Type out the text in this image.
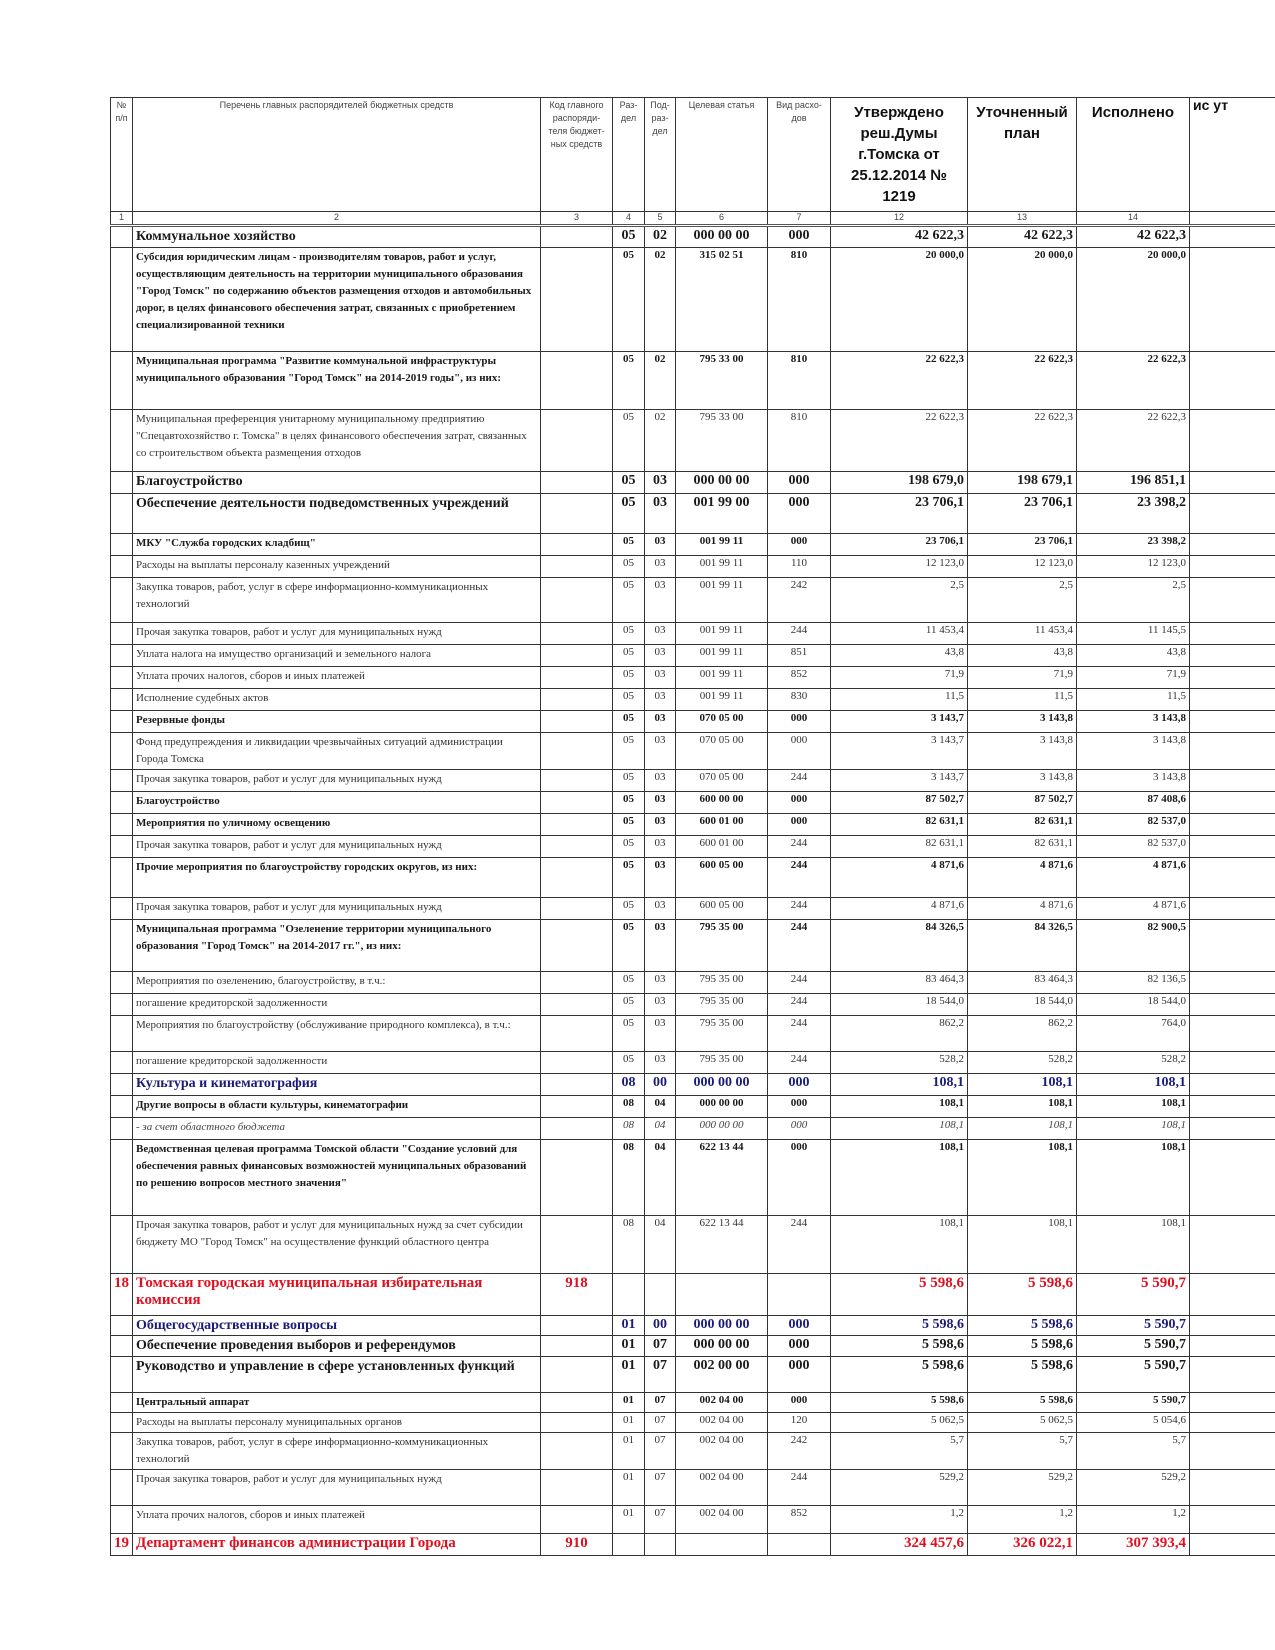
№ п/п	Перечень главных распорядителей бюджетных средств	Код главного распоряди-теля бюджет-ных средств	Раз-дел	Под-раз-дел	Целевая статья	Вид расхо-дов	Утверждено реш.Думы г.Томска от 25.12.2014 № 1219	Уточненный план	Исполнено	ис ут
1	2	3	4	5	6	7	12	13	14	
	Коммунальное хозяйство		05	02	000 00 00	000	42 622,3	42 622,3	42 622,3	
	Субсидия юридическим лицам - производителям товаров, работ и услуг, осуществляющим деятельность на территории муниципального образования "Город Томск" по содержанию объектов размещения отходов и автомобильных дорог, в целях финансового обеспечения затрат, связанных с приобретением специализированной техники		05	02	315 02 51	810	20 000,0	20 000,0	20 000,0	
	Муниципальная программа "Развитие коммунальной инфраструктуры муниципального образования "Город Томск" на 2014-2019 годы", из них:		05	02	795 33 00	810	22 622,3	22 622,3	22 622,3	
	Муниципальная преференция унитарному муниципальному предприятию "Спецавтохозяйство г. Томска" в целях финансового обеспечения затрат, связанных со строительством объекта размещения отходов		05	02	795 33 00	810	22 622,3	22 622,3	22 622,3	
	Благоустройство		05	03	000 00 00	000	198 679,0	198 679,1	196 851,1	
	Обеспечение деятельности подведомственных учреждений		05	03	001 99 00	000	23 706,1	23 706,1	23 398,2	
	МКУ "Служба городских кладбищ"		05	03	001 99 11	000	23 706,1	23 706,1	23 398,2	
	Расходы на выплаты персоналу казенных учреждений		05	03	001 99 11	110	12 123,0	12 123,0	12 123,0	
	Закупка товаров, работ, услуг в сфере информационно-коммуникационных технологий		05	03	001 99 11	242	2,5	2,5	2,5	
	Прочая закупка товаров, работ и услуг для муниципальных нужд		05	03	001 99 11	244	11 453,4	11 453,4	11 145,5	
	Уплата налога на имущество организаций и земельного налога		05	03	001 99 11	851	43,8	43,8	43,8	
	Уплата прочих налогов, сборов и иных платежей		05	03	001 99 11	852	71,9	71,9	71,9	
	Исполнение судебных актов		05	03	001 99 11	830	11,5	11,5	11,5	
	Резервные фонды		05	03	070 05 00	000	3 143,7	3 143,8	3 143,8	
	Фонд предупреждения и ликвидации чрезвычайных ситуаций администрации Города Томска		05	03	070 05 00	000	3 143,7	3 143,8	3 143,8	
	Прочая закупка товаров, работ и услуг для муниципальных нужд		05	03	070 05 00	244	3 143,7	3 143,8	3 143,8	
	Благоустройство		05	03	600 00 00	000	87 502,7	87 502,7	87 408,6	
	Мероприятия по уличному освещению		05	03	600 01 00	000	82 631,1	82 631,1	82 537,0	
	Прочая закупка товаров, работ и услуг для муниципальных нужд		05	03	600 01 00	244	82 631,1	82 631,1	82 537,0	
	Прочие мероприятия по благоустройству городских округов, из них:		05	03	600 05 00	244	4 871,6	4 871,6	4 871,6	
	Прочая закупка товаров, работ и услуг для муниципальных нужд		05	03	600 05 00	244	4 871,6	4 871,6	4 871,6	
	Муниципальная программа "Озеленение территории муниципального образования "Город Томск" на 2014-2017 гг.", из них:		05	03	795 35 00	244	84 326,5	84 326,5	82 900,5	
	Мероприятия по озеленению, благоустройству, в т.ч.:		05	03	795 35 00	244	83 464,3	83 464,3	82 136,5	
	погашение кредиторской задолженности		05	03	795 35 00	244	18 544,0	18 544,0	18 544,0	
	Мероприятия по благоустройству (обслуживание природного комплекса), в т.ч.:		05	03	795 35 00	244	862,2	862,2	764,0	
	погашение кредиторской задолженности		05	03	795 35 00	244	528,2	528,2	528,2	
	Культура и кинематография		08	00	000 00 00	000	108,1	108,1	108,1	
	Другие вопросы в области культуры, кинематографии		08	04	000 00 00	000	108,1	108,1	108,1	
	- за счет областного бюджета		08	04	000 00 00	000	108,1	108,1	108,1	
	Ведомственная целевая программа Томской области "Создание условий для обеспечения равных финансовых возможностей муниципальных образований по решению вопросов местного значения"		08	04	622 13 44	000	108,1	108,1	108,1	
	Прочая закупка товаров, работ и услуг для муниципальных нужд за счет субсидии бюджету МО "Город Томск" на осуществление функций областного центра		08	04	622 13 44	244	108,1	108,1	108,1	
18	Томская городская муниципальная избирательная комиссия	918					5 598,6	5 598,6	5 590,7	
	Общегосударственные вопросы		01	00	000 00 00	000	5 598,6	5 598,6	5 590,7	
	Обеспечение проведения выборов и референдумов		01	07	000 00 00	000	5 598,6	5 598,6	5 590,7	
	Руководство и управление в сфере установленных функций		01	07	002 00 00	000	5 598,6	5 598,6	5 590,7	
	Центральный аппарат		01	07	002 04 00	000	5 598,6	5 598,6	5 590,7	
	Расходы на выплаты персоналу муниципальных органов		01	07	002 04 00	120	5 062,5	5 062,5	5 054,6	
	Закупка товаров, работ, услуг в сфере информационно-коммуникационных технологий		01	07	002 04 00	242	5,7	5,7	5,7	
	Прочая закупка товаров, работ и услуг для муниципальных нужд		01	07	002 04 00	244	529,2	529,2	529,2	
	Уплата прочих налогов, сборов и иных платежей		01	07	002 04 00	852	1,2	1,2	1,2	
19	Департамент финансов администрации Города	910					324 457,6	326 022,1	307 393,4	
